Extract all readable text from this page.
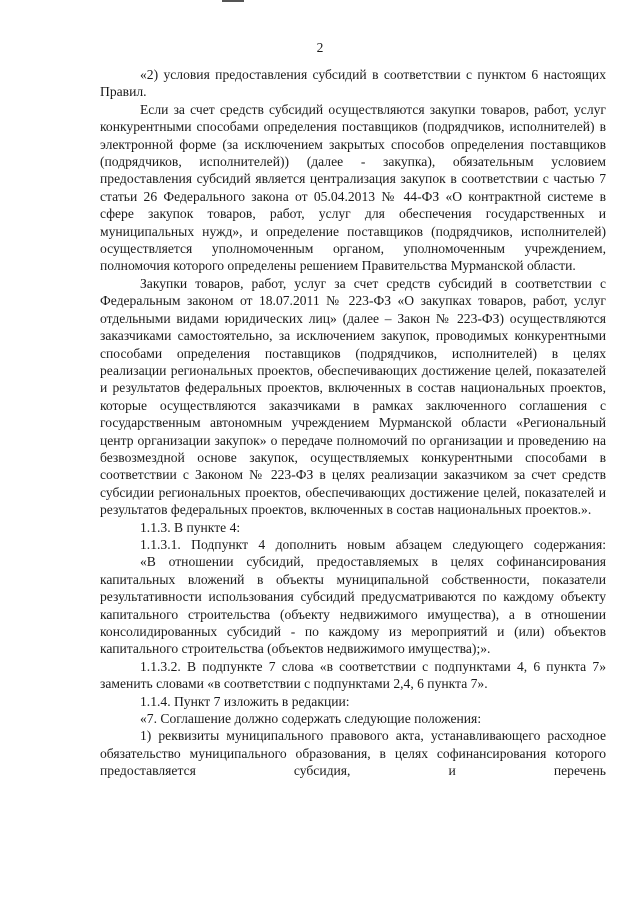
2

«2) условия предоставления субсидий в соответствии с пунктом 6 настоящих Правил.

Если за счет средств субсидий осуществляются закупки товаров, работ, услуг конкурентными способами определения поставщиков (подрядчиков, исполнителей) в электронной форме (за исключением закрытых способов определения поставщиков (подрядчиков, исполнителей)) (далее - закупка), обязательным условием предоставления субсидий является централизация закупок в соответствии с частью 7 статьи 26 Федерального закона от 05.04.2013 № 44-ФЗ «О контрактной системе в сфере закупок товаров, работ, услуг для обеспечения государственных и муниципальных нужд», и определение поставщиков (подрядчиков, исполнителей) осуществляется уполномоченным органом, уполномоченным учреждением, полномочия которого определены решением Правительства Мурманской области.

Закупки товаров, работ, услуг за счет средств субсидий в соответствии с Федеральным законом от 18.07.2011 № 223-ФЗ «О закупках товаров, работ, услуг отдельными видами юридических лиц» (далее – Закон № 223-ФЗ) осуществляются заказчиками самостоятельно, за исключением закупок, проводимых конкурентными способами определения поставщиков (подрядчиков, исполнителей) в целях реализации региональных проектов, обеспечивающих достижение целей, показателей и результатов федеральных проектов, включенных в состав национальных проектов, которые осуществляются заказчиками в рамках заключенного соглашения с государственным автономным учреждением Мурманской области «Региональный центр организации закупок» о передаче полномочий по организации и проведению на безвозмездной основе закупок, осуществляемых конкурентными способами в соответствии с Законом № 223-ФЗ в целях реализации заказчиком за счет средств субсидии региональных проектов, обеспечивающих достижение целей, показателей и результатов федеральных проектов, включенных в состав национальных проектов.».

1.1.3. В пункте 4:

1.1.3.1. Подпункт 4 дополнить новым абзацем следующего содержания:

«В отношении субсидий, предоставляемых в целях софинансирования капитальных вложений в объекты муниципальной собственности, показатели результативности использования субсидий предусматриваются по каждому объекту капитального строительства (объекту недвижимого имущества), а в отношении консолидированных субсидий - по каждому из мероприятий и (или) объектов капитального строительства (объектов недвижимого имущества);».

1.1.3.2. В подпункте 7 слова «в соответствии с подпунктами 4, 6 пункта 7» заменить словами «в соответствии с подпунктами 2,4, 6 пункта 7».

1.1.4. Пункт 7 изложить в редакции:

«7. Соглашение должно содержать следующие положения:

1) реквизиты муниципального правового акта, устанавливающего расходное обязательство муниципального образования, в целях софинансирования которого предоставляется субсидия, и перечень
